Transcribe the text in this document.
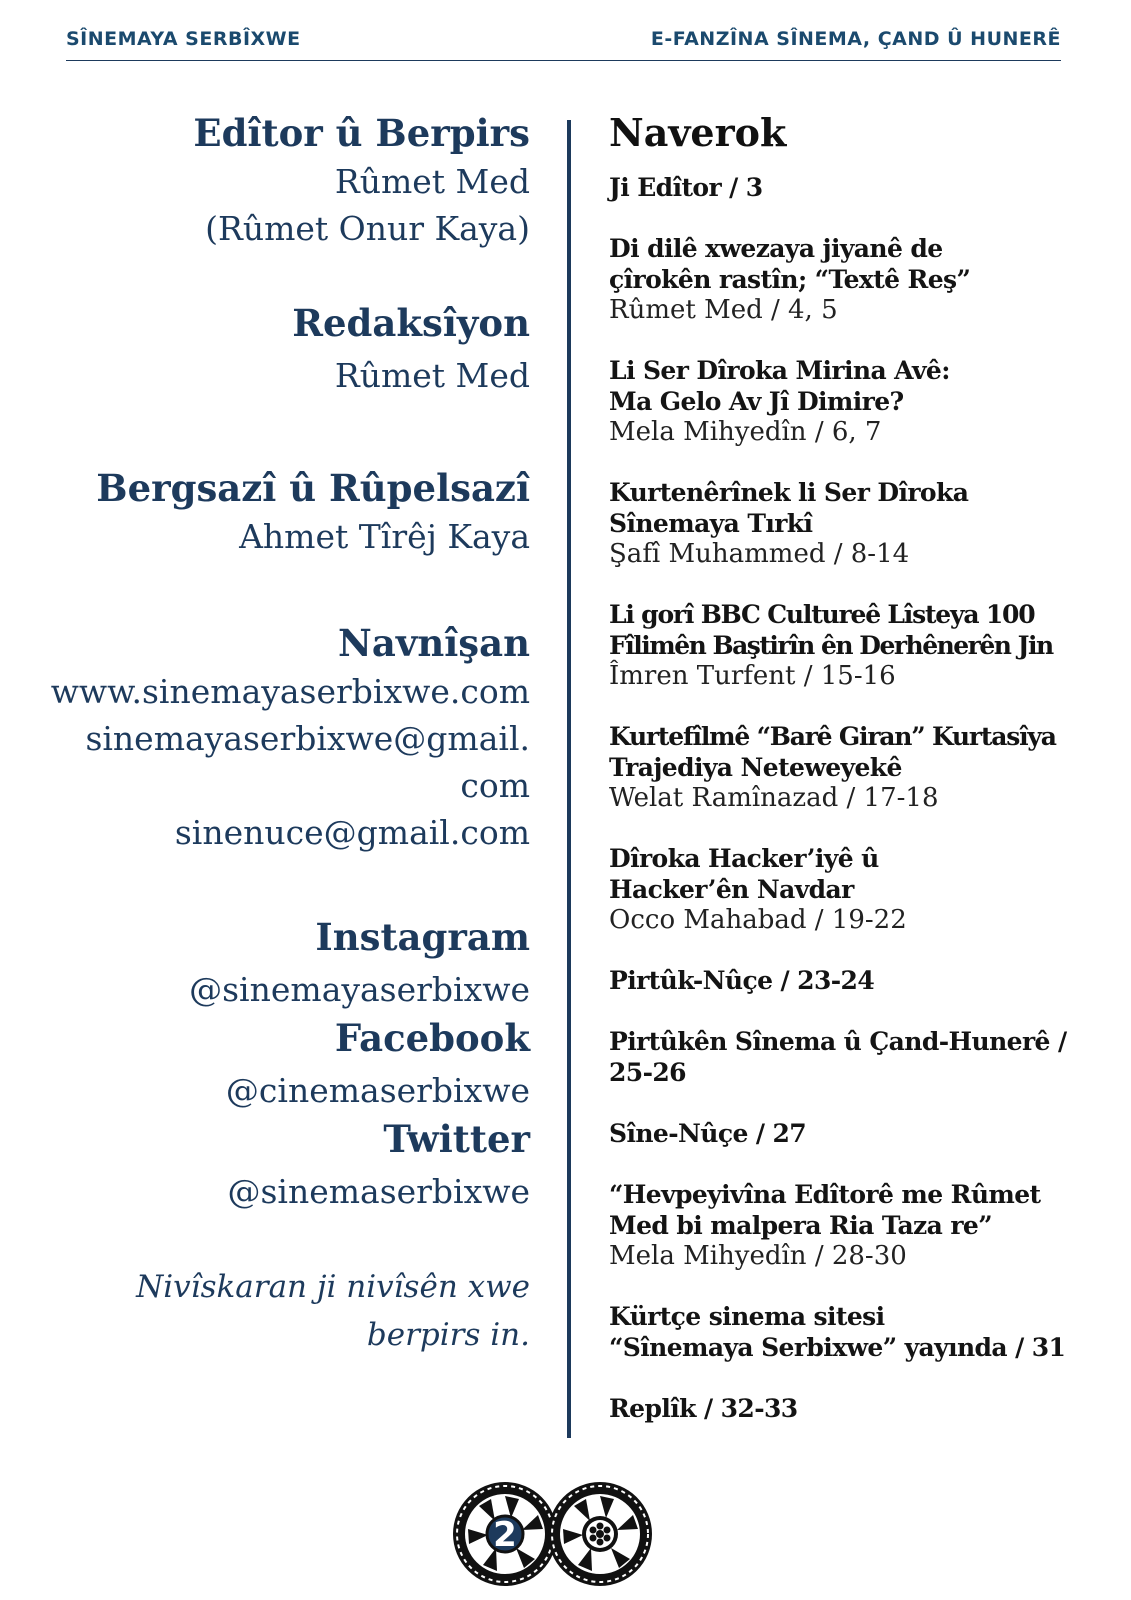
SÎNEMAYA SERBÎXWE	E-FANZÎNA SÎNEMA, ÇAND Û HUNERÊ
Edîtor û Berpirs
Rûmet Med
(Rûmet Onur Kaya)
Redaksîyon
Rûmet Med
Bergsazî û Rûpelsazî
Ahmet Tîrêj Kaya
Navnîşan
www.sinemayaserbixwe.com
sinemayaserbixwe@gmail.
com
sinenuce@gmail.com
Instagram
@sinemayaserbixwe
Facebook
@cinemaserbixwe
Twitter
@sinemaserbixwe
Nivîskaran ji nivîsên xwe berpirs in.
Naverok
Ji Edîtor / 3
Di dilê xwezaya jiyanê de
çîrokên rastîn; “Textê Reş”
Rûmet Med / 4, 5
Li Ser Dîroka Mirina Avê:
Ma Gelo Av Jî Dimire?
Mela Mihyedîn / 6, 7
Kurtenêrînek li Ser Dîroka
Sînemaya Tırkî
Şafî Muhammed / 8-14
Li gorî BBC Cultureê Lîsteya 100
Fîlimên Baştirîn ên Derhênerên Jin
Îmren Turfent / 15-16
Kurtefîlmê “Barê Giran” Kurtasîya
Trajediya Neteweyekê
Welat Ramînazad / 17-18
Dîroka Hacker’iyê û
Hacker’ên Navdar
Occo Mahabad / 19-22
Pirtûk-Nûçe / 23-24
Pirtûkên Sînema û Çand-Hunerê /
25-26
Sîne-Nûçe / 27
“Hevpeyivîna Edîtorê me Rûmet
Med bi malpera Ria Taza re”
Mela Mihyedîn / 28-30
Kürtçe sinema sitesi
“Sînemaya Serbixwe” yayında / 31
Replîk / 32-33
2
